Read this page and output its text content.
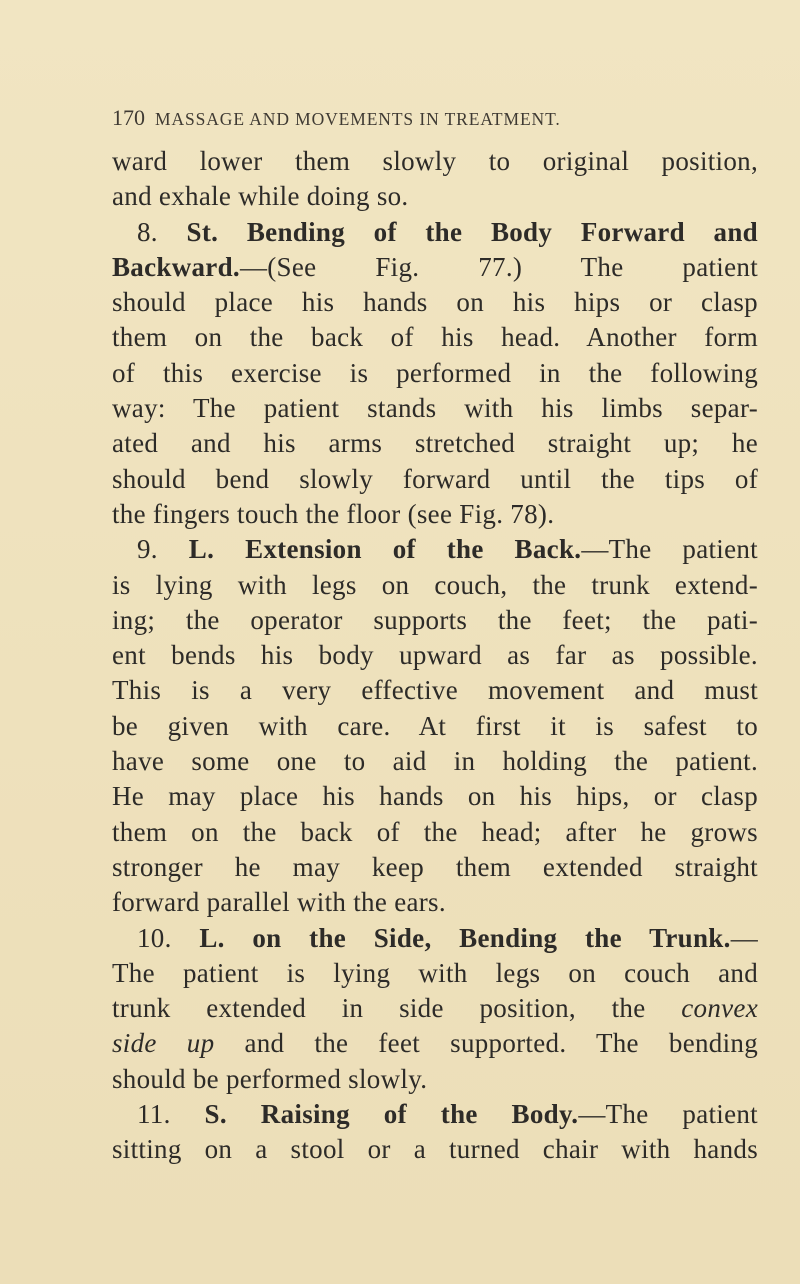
170 MASSAGE AND MOVEMENTS IN TREATMENT.
ward lower them slowly to original position,
and exhale while doing so.
8. St. Bending of the Body Forward and
Backward.—(See Fig. 77.) The patient
should place his hands on his hips or clasp
them on the back of his head. Another form
of this exercise is performed in the following
way: The patient stands with his limbs separ-
ated and his arms stretched straight up; he
should bend slowly forward until the tips of
the fingers touch the floor (see Fig. 78).
9. L. Extension of the Back.—The patient
is lying with legs on couch, the trunk extend-
ing; the operator supports the feet; the pati-
ent bends his body upward as far as possible.
This is a very effective movement and must
be given with care. At first it is safest to
have some one to aid in holding the patient.
He may place his hands on his hips, or clasp
them on the back of the head; after he grows
stronger he may keep them extended straight
forward parallel with the ears.
10. L. on the Side, Bending the Trunk.—
The patient is lying with legs on couch and
trunk extended in side position, the convex
side up and the feet supported. The bending
should be performed slowly.
11. S. Raising of the Body.—The patient
sitting on a stool or a turned chair with hands
